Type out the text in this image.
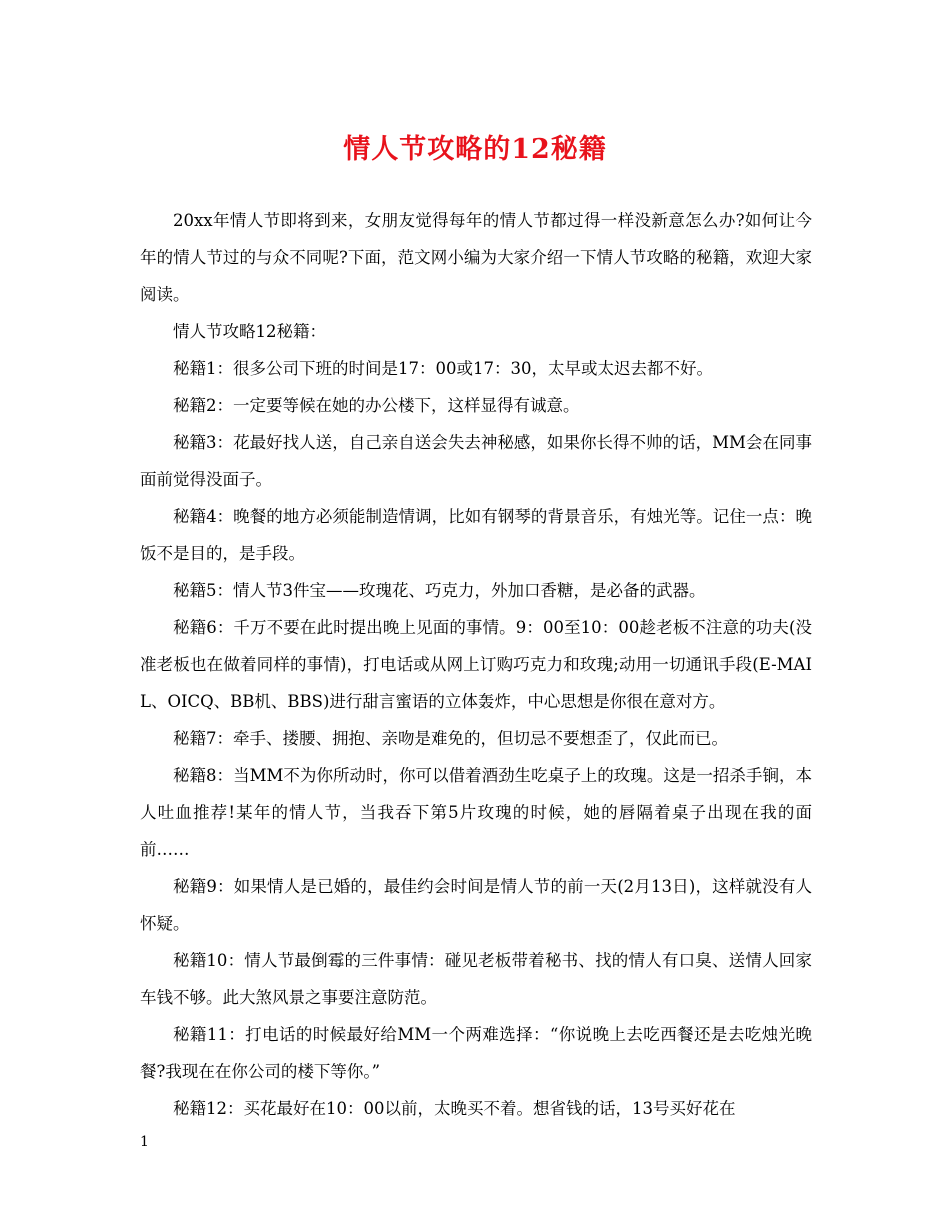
情人节攻略的12秘籍

20xx年情人节即将到来，女朋友觉得每年的情人节都过得一样没新意怎么办?如何让今年的情人节过的与众不同呢?下面，范文网小编为大家介绍一下情人节攻略的秘籍，欢迎大家阅读。

情人节攻略12秘籍：

秘籍1：很多公司下班的时间是17：00或17：30，太早或太迟去都不好。

秘籍2：一定要等候在她的办公楼下，这样显得有诚意。

秘籍3：花最好找人送，自己亲自送会失去神秘感，如果你长得不帅的话，MM会在同事面前觉得没面子。

秘籍4：晚餐的地方必须能制造情调，比如有钢琴的背景音乐，有烛光等。记住一点：晚饭不是目的，是手段。

秘籍5：情人节3件宝——玫瑰花、巧克力，外加口香糖，是必备的武器。

秘籍6：千万不要在此时提出晚上见面的事情。9：00至10：00趁老板不注意的功夫(没准老板也在做着同样的事情)，打电话或从网上订购巧克力和玫瑰;动用一切通讯手段(E-MAIL、OICQ、BB机、BBS)进行甜言蜜语的立体轰炸，中心思想是你很在意对方。

秘籍7：牵手、搂腰、拥抱、亲吻是难免的，但切忌不要想歪了，仅此而已。

秘籍8：当MM不为你所动时，你可以借着酒劲生吃桌子上的玫瑰。这是一招杀手锏，本人吐血推荐!某年的情人节，当我吞下第5片玫瑰的时候，她的唇隔着桌子出现在我的面前……

秘籍9：如果情人是已婚的，最佳约会时间是情人节的前一天(2月13日)，这样就没有人怀疑。

秘籍10：情人节最倒霉的三件事情：碰见老板带着秘书、找的情人有口臭、送情人回家车钱不够。此大煞风景之事要注意防范。

秘籍11：打电话的时候最好给MM一个两难选择：“你说晚上去吃西餐还是去吃烛光晚餐?我现在在你公司的楼下等你。”

秘籍12：买花最好在10：00以前，太晚买不着。想省钱的话，13号买好花在

1
